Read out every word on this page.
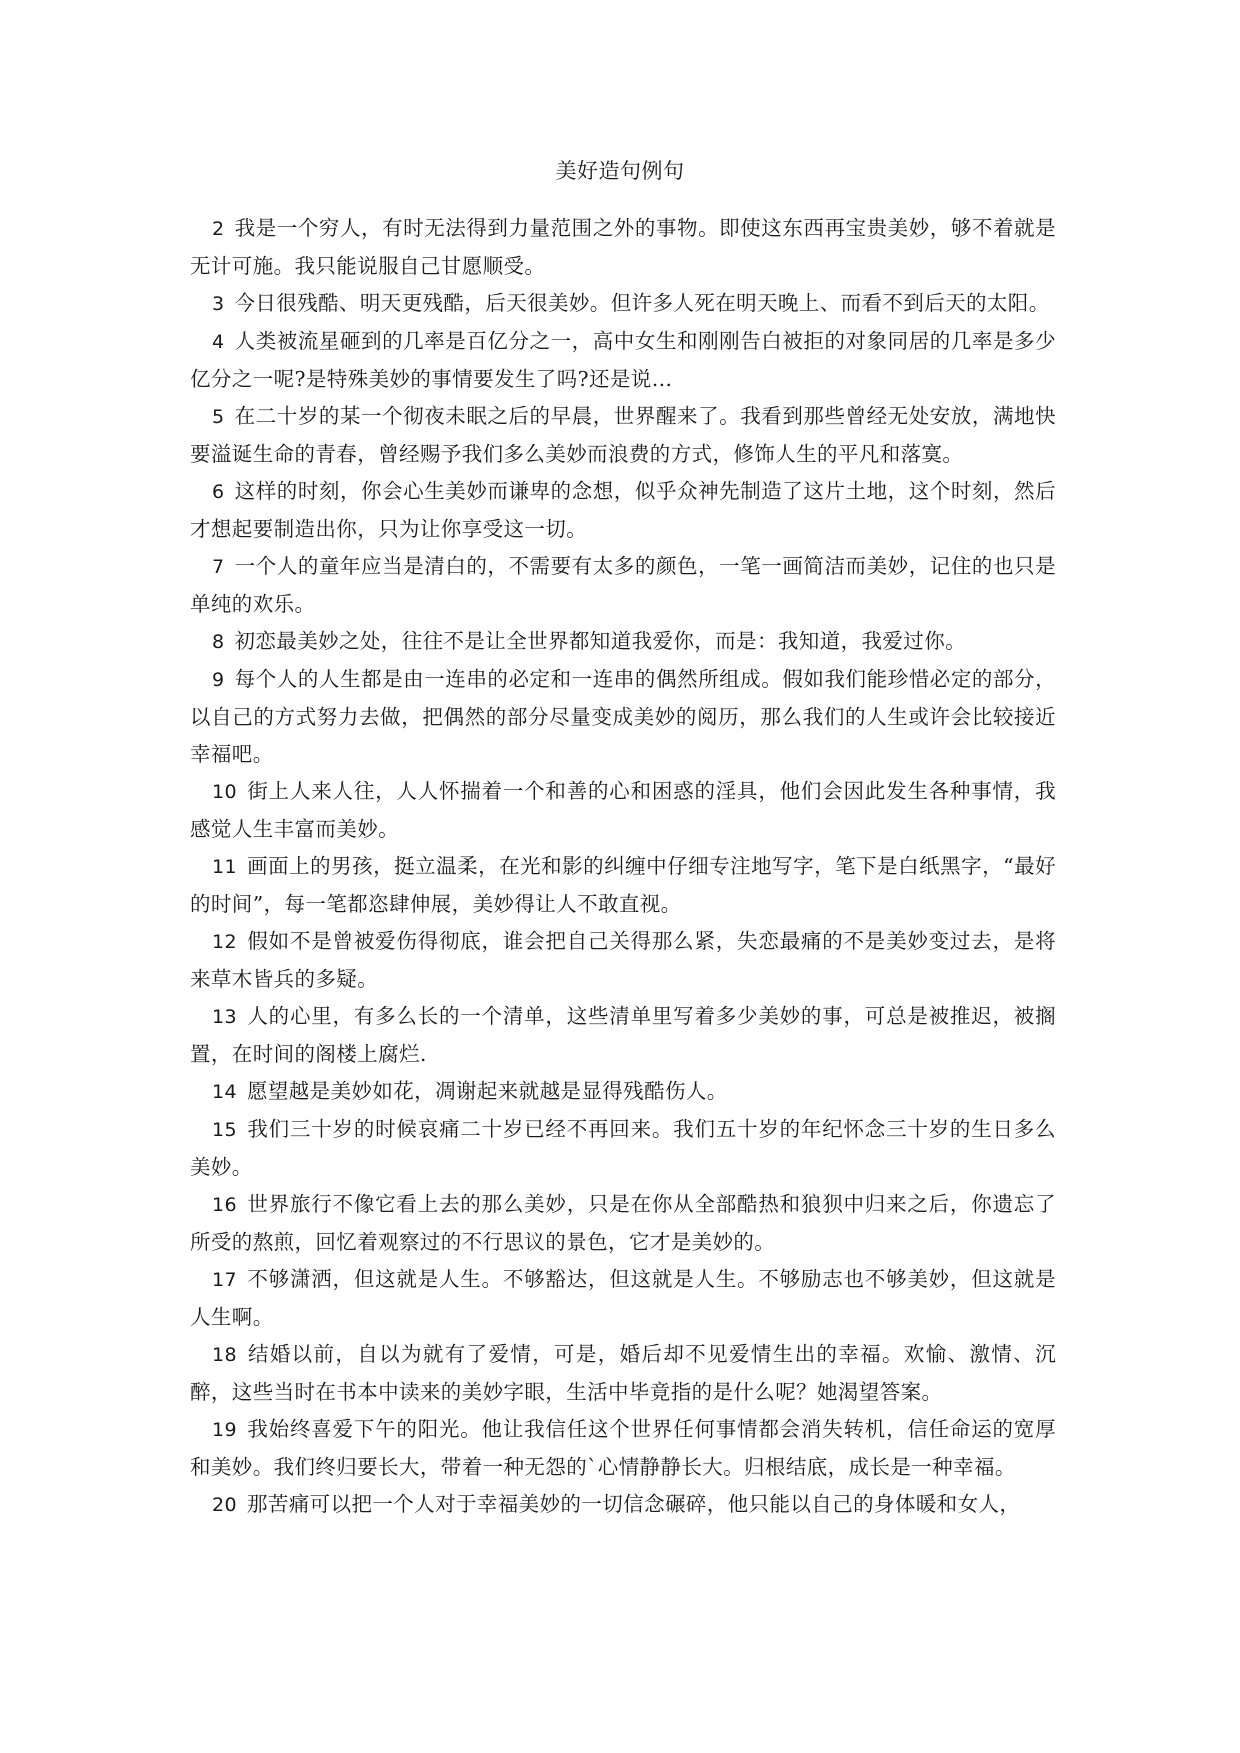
美好造句例句

2 我是一个穷人，有时无法得到力量范围之外的事物。即使这东西再宝贵美妙，够不着就是无计可施。我只能说服自己甘愿顺受。

3 今日很残酷、明天更残酷，后天很美妙。但许多人死在明天晚上、而看不到后天的太阳。

4 人类被流星砸到的几率是百亿分之一，高中女生和刚刚告白被拒的对象同居的几率是多少亿分之一呢?是特殊美妙的事情要发生了吗?还是说…

5 在二十岁的某一个彻夜未眠之后的早晨，世界醒来了。我看到那些曾经无处安放，满地快要溢诞生命的青春，曾经赐予我们多么美妙而浪费的方式，修饰人生的平凡和落寞。

6 这样的时刻，你会心生美妙而谦卑的念想，似乎众神先制造了这片土地，这个时刻，然后才想起要制造出你，只为让你享受这一切。

7 一个人的童年应当是清白的，不需要有太多的颜色，一笔一画简洁而美妙，记住的也只是单纯的欢乐。

8 初恋最美妙之处，往往不是让全世界都知道我爱你，而是：我知道，我爱过你。

9 每个人的人生都是由一连串的必定和一连串的偶然所组成。假如我们能珍惜必定的部分，以自己的方式努力去做，把偶然的部分尽量变成美妙的阅历，那么我们的人生或许会比较接近幸福吧。

10 街上人来人往，人人怀揣着一个和善的心和困惑的淫具，他们会因此发生各种事情，我感觉人生丰富而美妙。

11 画面上的男孩，挺立温柔，在光和影的纠缠中仔细专注地写字，笔下是白纸黑字，“最好的时间”，每一笔都恣肆伸展，美妙得让人不敢直视。

12 假如不是曾被爱伤得彻底，谁会把自己关得那么紧，失恋最痛的不是美妙变过去，是将来草木皆兵的多疑。

13 人的心里，有多么长的一个清单，这些清单里写着多少美妙的事，可总是被推迟，被搁置，在时间的阁楼上腐烂.

14 愿望越是美妙如花，凋谢起来就越是显得残酷伤人。

15 我们三十岁的时候哀痛二十岁已经不再回来。我们五十岁的年纪怀念三十岁的生日多么美妙。

16 世界旅行不像它看上去的那么美妙，只是在你从全部酷热和狼狈中归来之后，你遗忘了所受的熬煎，回忆着观察过的不行思议的景色，它才是美妙的。

17 不够潇洒，但这就是人生。不够豁达，但这就是人生。不够励志也不够美妙，但这就是人生啊。

18 结婚以前，自以为就有了爱情，可是，婚后却不见爱情生出的幸福。欢愉、激情、沉醉，这些当时在书本中读来的美妙字眼，生活中毕竟指的是什么呢？她渴望答案。

19 我始终喜爱下午的阳光。他让我信任这个世界任何事情都会消失转机，信任命运的宽厚和美妙。我们终归要长大，带着一种无怨的`心情静静长大。归根结底，成长是一种幸福。

20 那苦痛可以把一个人对于幸福美妙的一切信念碾碎，他只能以自己的身体暖和女人，
